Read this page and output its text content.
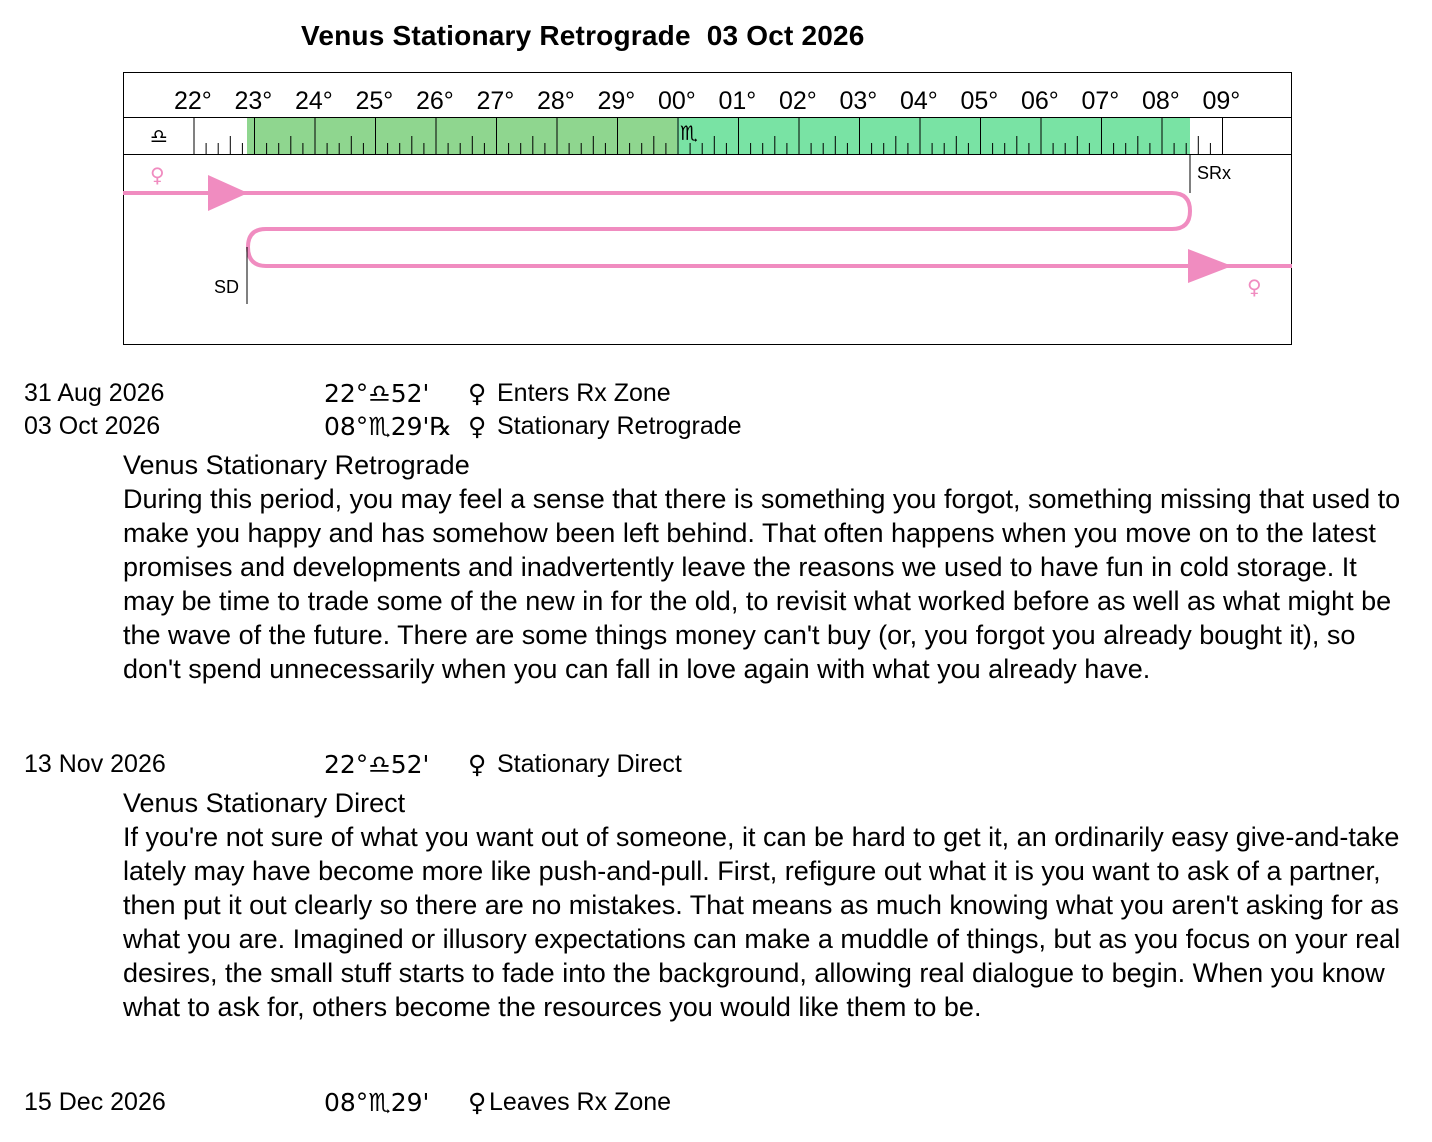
Venus Stationary Retrograde  03 Oct 2026
22° 23° 24° 25° 26° 27° 28° 29° 00° 01° 02° 03° 04° 05° 06° 07° 08° 09°
♎	♏
♀
♀
SRx
SD
31 Aug 2026	22°♎52' ♀ Enters Rx Zone
03 Oct 2026	08°♏29'℞ ♀ Stationary Retrograde

Venus Stationary Retrograde

During this period, you may feel a sense that there is something you forgot, something missing that used to make you happy and has somehow been left behind. That often happens when you move on to the latest promises and developments and inadvertently leave the reasons we used to have fun in cold storage. It may be time to trade some of the new in for the old, to revisit what worked before as well as what might be the wave of the future. There are some things money can't buy (or, you forgot you already bought it), so don't spend unnecessarily when you can fall in love again with what you already have.

13 Nov 2026	22°♎52' ♀ Stationary Direct

Venus Stationary Direct

If you're not sure of what you want out of someone, it can be hard to get it, an ordinarily easy give-and-take lately may have become more like push-and-pull. First, refigure out what it is you want to ask of a partner, then put it out clearly so there are no mistakes. That means as much knowing what you aren't asking for as what you are. Imagined or illusory expectations can make a muddle of things, but as you focus on your real desires, the small stuff starts to fade into the background, allowing real dialogue to begin. When you know what to ask for, others become the resources you would like them to be.

15 Dec 2026	08°♏29' ♀ Leaves Rx Zone
